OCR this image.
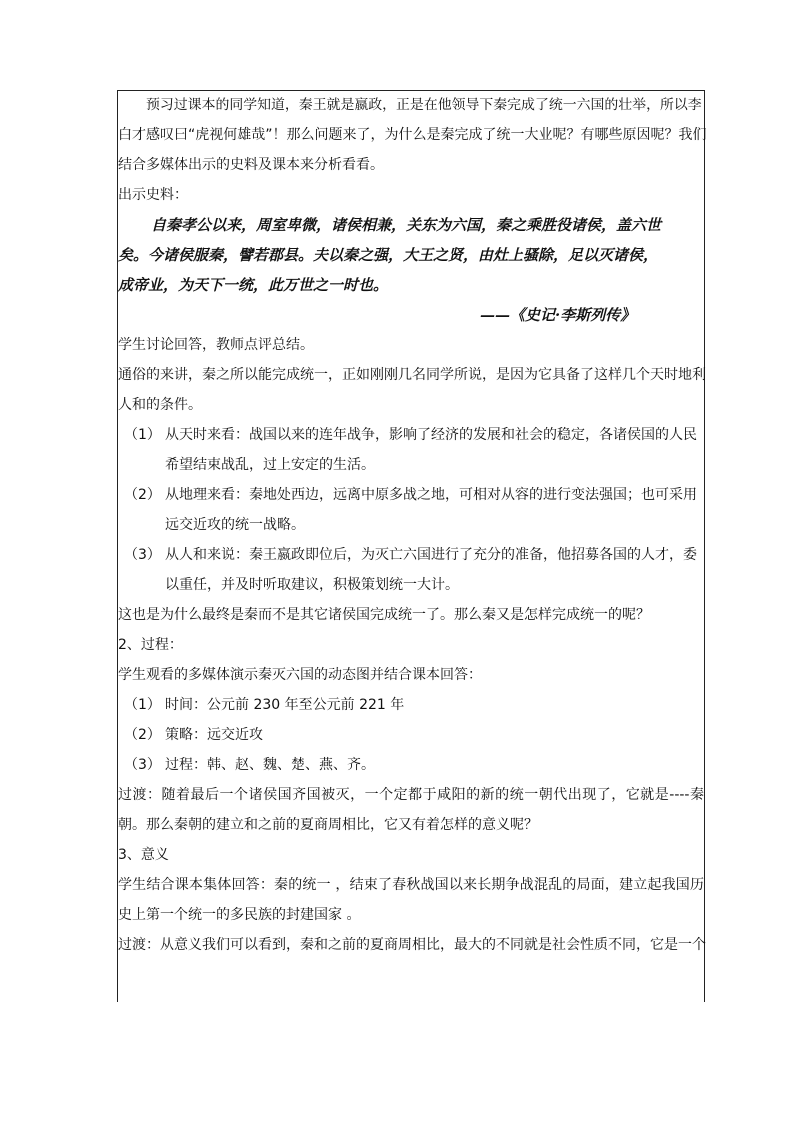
预习过课本的同学知道，秦王就是嬴政，正是在他领导下秦完成了统一六国的壮举，所以李
白才感叹曰“虎视何雄哉”！那么问题来了，为什么是秦完成了统一大业呢？有哪些原因呢？我们
结合多媒体出示的史料及课本来分析看看。
出示史料：
自秦孝公以来，周室卑微，诸侯相兼，关东为六国，秦之乘胜役诸侯，盖六世
矣。今诸侯服秦，譬若郡县。夫以秦之强，大王之贤，由灶上骚除，足以灭诸侯，
成帝业，为天下一统，此万世之一时也。
——《史记·李斯列传》
学生讨论回答，教师点评总结。
通俗的来讲，秦之所以能完成统一，正如刚刚几名同学所说，是因为它具备了这样几个天时地利
人和的条件。
（1） 从天时来看：战国以来的连年战争，影响了经济的发展和社会的稳定，各诸侯国的人民
希望结束战乱，过上安定的生活。
（2） 从地理来看：秦地处西边，远离中原多战之地，可相对从容的进行变法强国；也可采用
远交近攻的统一战略。
（3） 从人和来说：秦王嬴政即位后，为灭亡六国进行了充分的准备，他招募各国的人才，委
以重任，并及时听取建议，积极策划统一大计。
这也是为什么最终是秦而不是其它诸侯国完成统一了。那么秦又是怎样完成统一的呢？
2、过程：
学生观看的多媒体演示秦灭六国的动态图并结合课本回答：
（1） 时间：公元前 230 年至公元前 221 年
（2） 策略：远交近攻
（3） 过程：韩、赵、魏、楚、燕、齐。
过渡：随着最后一个诸侯国齐国被灭，一个定都于咸阳的新的统一朝代出现了，它就是----秦
朝。那么秦朝的建立和之前的夏商周相比，它又有着怎样的意义呢？
3、意义
学生结合课本集体回答：秦的统一 ，结束了春秋战国以来长期争战混乱的局面，建立起我国历
史上第一个统一的多民族的封建国家 。
过渡：从意义我们可以看到，秦和之前的夏商周相比，最大的不同就是社会性质不同，它是一个
